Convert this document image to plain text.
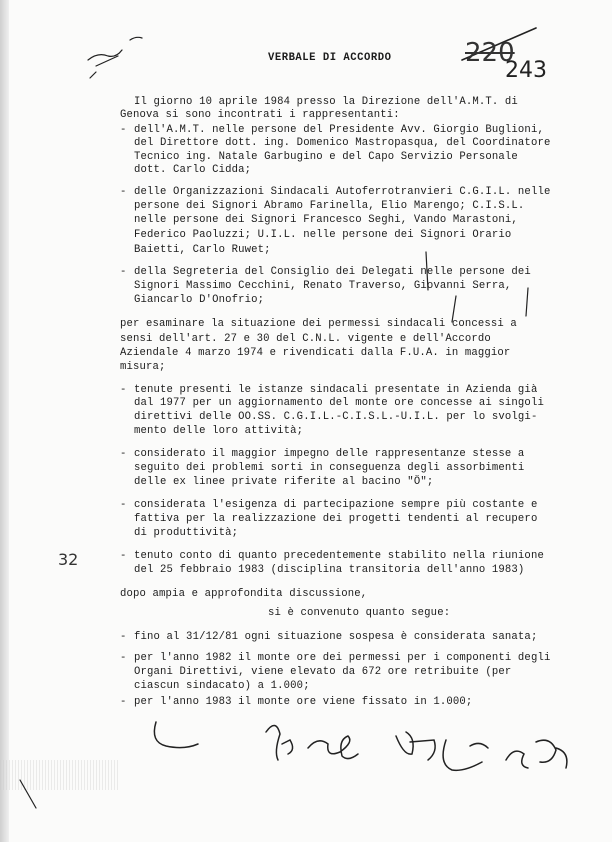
VERBALE DI ACCORDO	220
243
32
Il giorno 10 aprile 1984 presso la Direzione dell'A.M.T. di
Genova si sono incontrati i rappresentanti:
- dell'A.M.T. nelle persone del Presidente Avv. Giorgio Buglioni,
del Direttore dott. ing. Domenico Mastropasqua, del Coordinatore
Tecnico ing. Natale Garbugino e del Capo Servizio Personale
dott. Carlo Cidda;
- delle Organizzazioni Sindacali Autoferrotranvieri C.G.I.L. nelle
persone dei Signori Abramo Farinella, Elio Marengo; C.I.S.L.
nelle persone dei Signori Francesco Seghi, Vando Marastoni,
Federico Paoluzzi; U.I.L. nelle persone dei Signori Orario
Baietti, Carlo Ruwet;
- della Segreteria del Consiglio dei Delegati nelle persone dei
Signori Massimo Cecchini, Renato Traverso, Giovanni Serra,
Giancarlo D'Onofrio;
per esaminare la situazione dei permessi sindacali concessi a
sensi dell'art. 27 e 30 del C.N.L. vigente e dell'Accordo
Aziendale 4 marzo 1974 e rivendicati dalla F.U.A. in maggior
misura;
- tenute presenti le istanze sindacali presentate in Azienda già
dal 1977 per un aggiornamento del monte ore concesse ai singoli
direttivi delle OO.SS. C.G.I.L.-C.I.S.L.-U.I.L. per lo svolgi-
mento delle loro attività;
- considerato il maggior impegno delle rappresentanze stesse a
seguito dei problemi sorti in conseguenza degli assorbimenti
delle ex linee private riferite al bacino "Ö";
- considerata l'esigenza di partecipazione sempre più costante e
fattiva per la realizzazione dei progetti tendenti al recupero
di produttività;
- tenuto conto di quanto precedentemente stabilito nella riunione
del 25 febbraio 1983 (disciplina transitoria dell'anno 1983)
dopo ampia e approfondita discussione,
si è convenuto quanto segue:
- fino al 31/12/81 ogni situazione sospesa è considerata sanata;
- per l'anno 1982 il monte ore dei permessi per i componenti degli
Organi Direttivi, viene elevato da 672 ore retribuite (per
ciascun sindacato) a 1.000;
- per l'anno 1983 il monte ore viene fissato in 1.000;
